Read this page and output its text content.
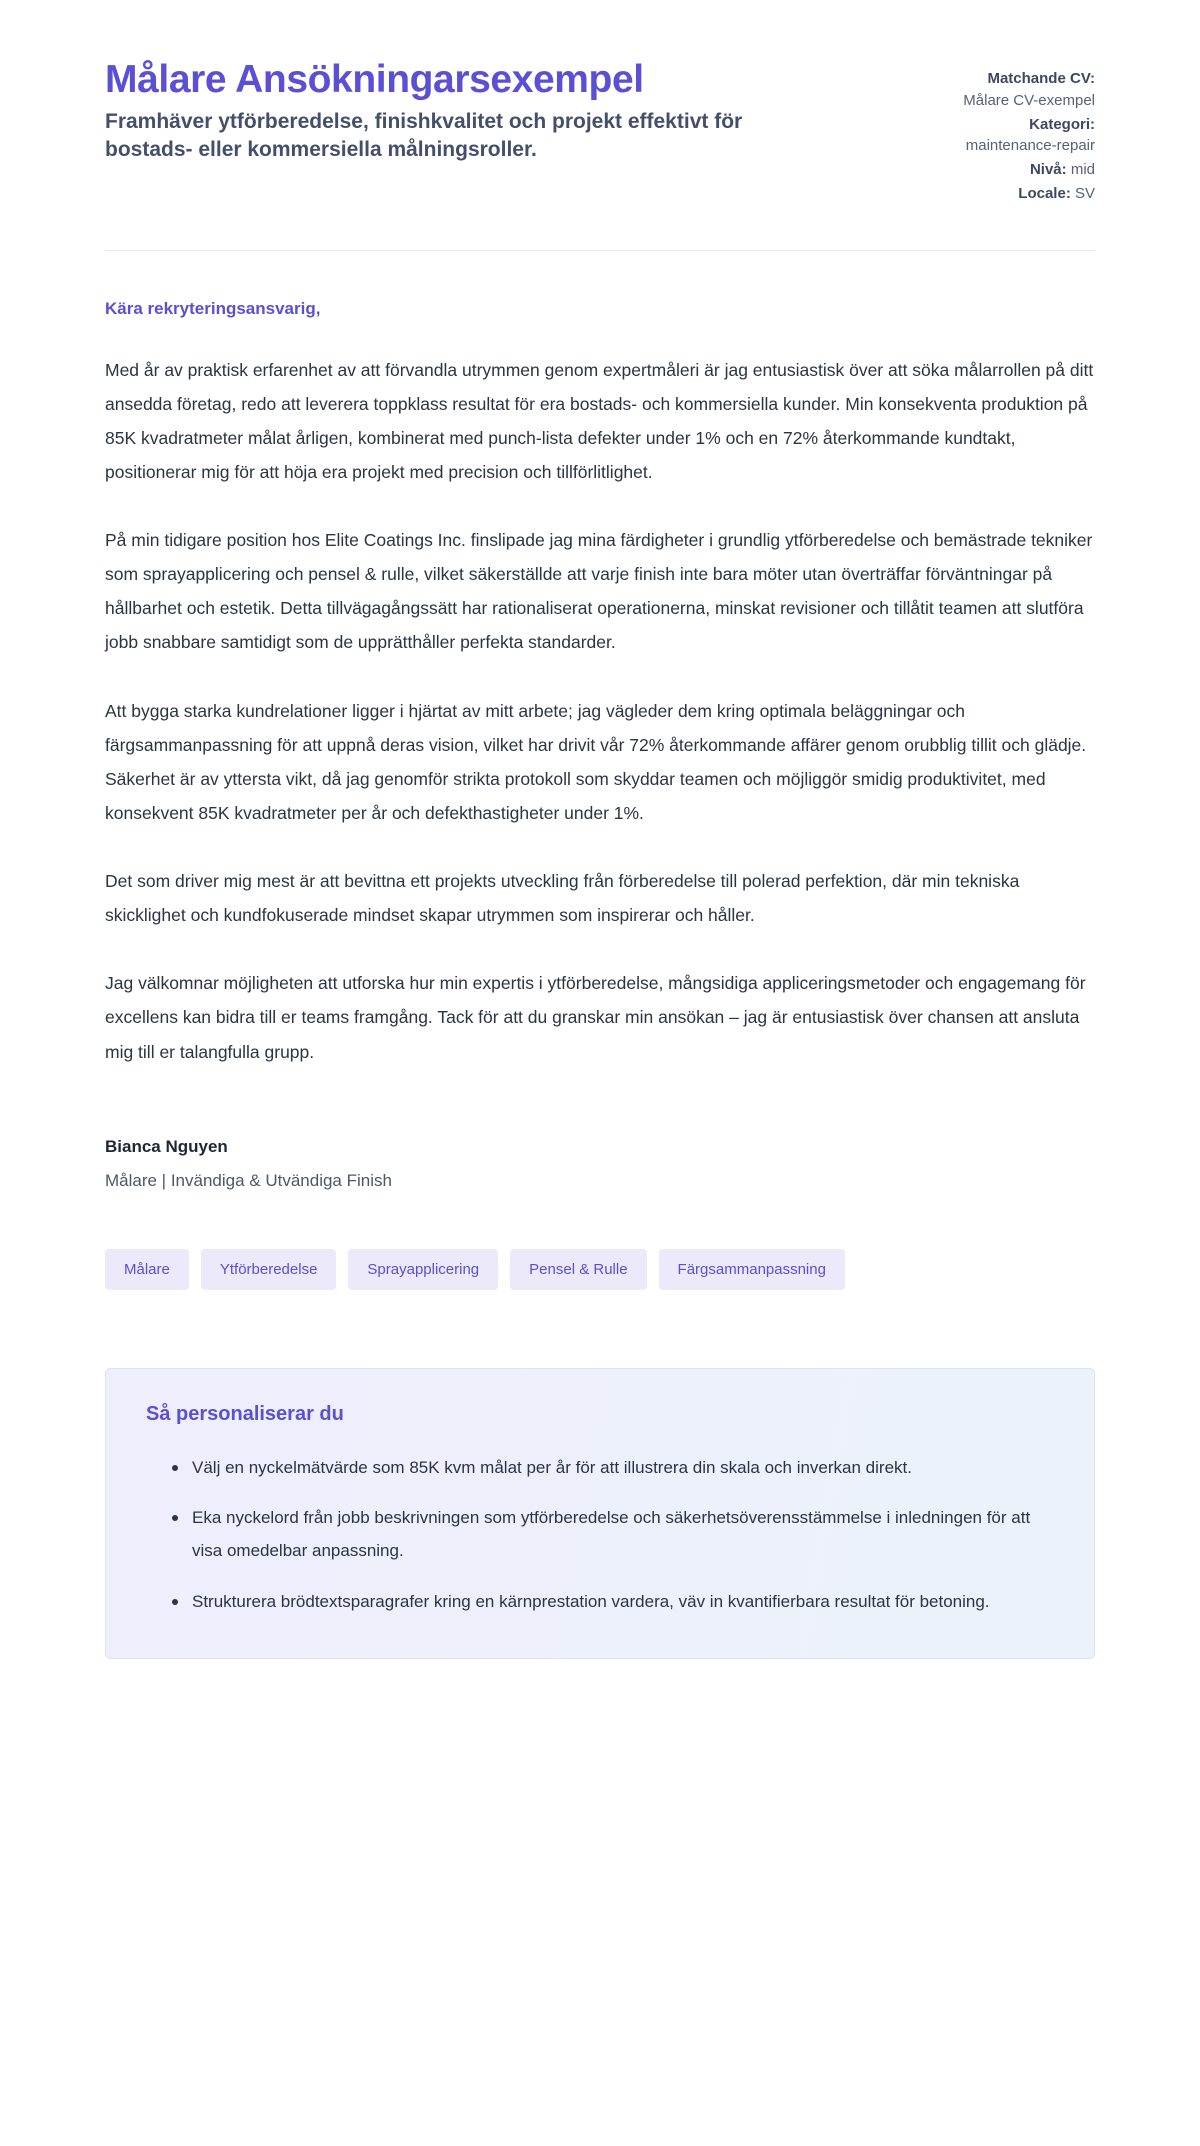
Målare Ansökningarsexempel

Framhäver ytförberedelse, finishkvalitet och projekt effektivt för bostads- eller kommersiella målningsroller.

Matchande CV:
Målare CV-exempel
Kategori:
maintenance-repair
Nivå: mid
Locale: SV

Kära rekryteringsansvarig,

Med år av praktisk erfarenhet av att förvandla utrymmen genom expertmåleri är jag entusiastisk över att söka målarrollen på ditt ansedda företag, redo att leverera toppklass resultat för era bostads- och kommersiella kunder. Min konsekventa produktion på 85K kvadratmeter målat årligen, kombinerat med punch-lista defekter under 1% och en 72% återkommande kundtakt, positionerar mig för att höja era projekt med precision och tillförlitlighet.

På min tidigare position hos Elite Coatings Inc. finslipade jag mina färdigheter i grundlig ytförberedelse och bemästrade tekniker som sprayapplicering och pensel & rulle, vilket säkerställde att varje finish inte bara möter utan överträffar förväntningar på hållbarhet och estetik. Detta tillvägagångssätt har rationaliserat operationerna, minskat revisioner och tillåtit teamen att slutföra jobb snabbare samtidigt som de upprätthåller perfekta standarder.

Att bygga starka kundrelationer ligger i hjärtat av mitt arbete; jag vägleder dem kring optimala beläggningar och färgsammanpassning för att uppnå deras vision, vilket har drivit vår 72% återkommande affärer genom orubblig tillit och glädje. Säkerhet är av yttersta vikt, då jag genomför strikta protokoll som skyddar teamen och möjliggör smidig produktivitet, med konsekvent 85K kvadratmeter per år och defekthastigheter under 1%.

Det som driver mig mest är att bevittna ett projekts utveckling från förberedelse till polerad perfektion, där min tekniska skicklighet och kundfokuserade mindset skapar utrymmen som inspirerar och håller.

Jag välkomnar möjligheten att utforska hur min expertis i ytförberedelse, mångsidiga appliceringsmetoder och engagemang för excellens kan bidra till er teams framgång. Tack för att du granskar min ansökan – jag är entusiastisk över chansen att ansluta mig till er talangfulla grupp.

Bianca Nguyen

Målare | Invändiga & Utvändiga Finish

Målare	Ytförberedelse	Sprayapplicering	Pensel & Rulle	Färgsammanpassning
Så personaliserar du
Välj en nyckelmätvärde som 85K kvm målat per år för att illustrera din skala och inverkan direkt.
Eka nyckelord från jobb beskrivningen som ytförberedelse och säkerhetsöverensstämmelse i inledningen för att visa omedelbar anpassning.
Strukturera brödtextsparagrafer kring en kärnprestation vardera, väv in kvantifierbara resultat för betoning.
